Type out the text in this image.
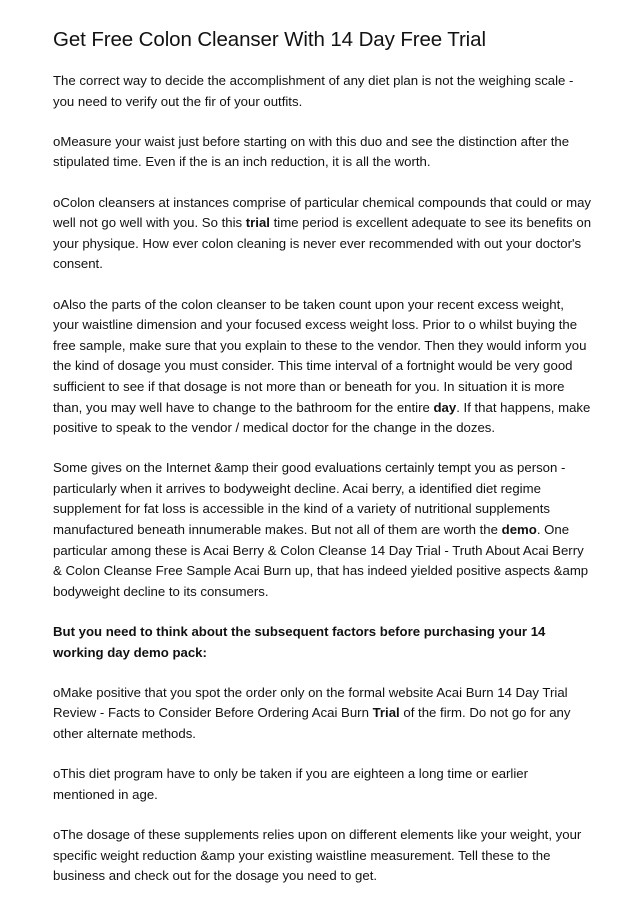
Get Free Colon Cleanser With 14 Day Free Trial

The correct way to decide the accomplishment of any diet plan is not the weighing scale - you need to verify out the fir of your outfits.

oMeasure your waist just before starting on with this duo and see the distinction after the stipulated time. Even if the is an inch reduction, it is all the worth.

oColon cleansers at instances comprise of particular chemical compounds that could or may well not go well with you. So this trial time period is excellent adequate to see its benefits on your physique. How ever colon cleaning is never ever recommended with out your doctor's consent.

oAlso the parts of the colon cleanser to be taken count upon your recent excess weight, your waistline dimension and your focused excess weight loss. Prior to o whilst buying the free sample, make sure that you explain to these to the vendor. Then they would inform you the kind of dosage you must consider. This time interval of a fortnight would be very good sufficient to see if that dosage is not more than or beneath for you. In situation it is more than, you may well have to change to the bathroom for the entire day. If that happens, make positive to speak to the vendor / medical doctor for the change in the dozes.

Some gives on the Internet &amp their good evaluations certainly tempt you as person - particularly when it arrives to bodyweight decline. Acai berry, a identified diet regime supplement for fat loss is accessible in the kind of a variety of nutritional supplements manufactured beneath innumerable makes. But not all of them are worth the demo. One particular among these is Acai Berry & Colon Cleanse 14 Day Trial - Truth About Acai Berry & Colon Cleanse Free Sample Acai Burn up, that has indeed yielded positive aspects &amp bodyweight decline to its consumers.

But you need to think about the subsequent factors before purchasing your 14 working day demo pack:

oMake positive that you spot the order only on the formal website Acai Burn 14 Day Trial Review - Facts to Consider Before Ordering Acai Burn Trial of the firm. Do not go for any other alternate methods.

oThis diet program have to only be taken if you are eighteen a long time or earlier mentioned in age.

oThe dosage of these supplements relies upon on different elements like your weight, your specific weight reduction &amp your existing waistline measurement. Tell these to the business and check out for the dosage you need to get.
